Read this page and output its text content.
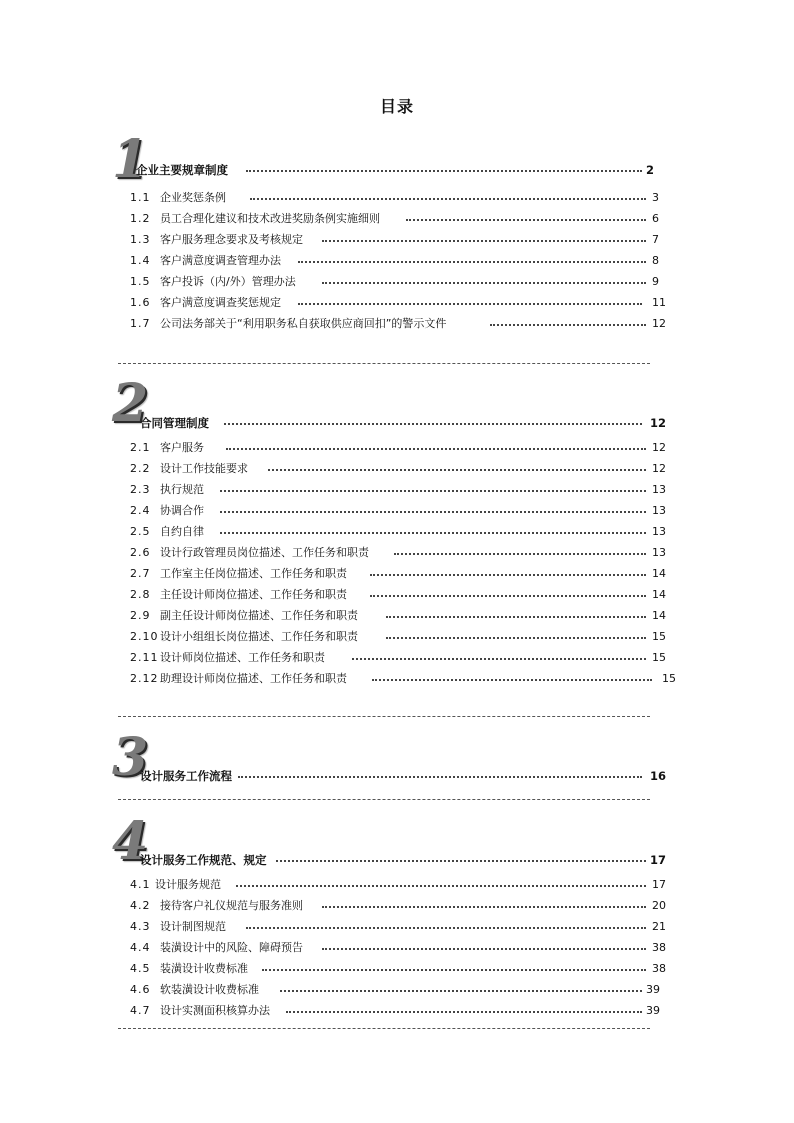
目录
1
企业主要规章制度	2
1.1 企业奖惩条例	3
1.2 员工合理化建议和技术改进奖励条例实施细则	6
1.3 客户服务理念要求及考核规定	7
1.4 客户满意度调查管理办法	8
1.5 客户投诉（内/外）管理办法	9
1.6 客户满意度调查奖惩规定	11
1.7 公司法务部关于“利用职务私自获取供应商回扣”的警示文件	12
2
合同管理制度	12
2.1 客户服务	12
2.2 设计工作技能要求	12
2.3 执行规范	13
2.4 协调合作	13
2.5 自约自律	13
2.6 设计行政管理员岗位描述、工作任务和职责	13
2.7 工作室主任岗位描述、工作任务和职责	14
2.8 主任设计师岗位描述、工作任务和职责	14
2.9 副主任设计师岗位描述、工作任务和职责	14
2.10 设计小组组长岗位描述、工作任务和职责	15
2.11 设计师岗位描述、工作任务和职责	15
2.12 助理设计师岗位描述、工作任务和职责	15
3
设计服务工作流程	16
4
设计服务工作规范、规定	17
4.1 设计服务规范	17
4.2 接待客户礼仪规范与服务准则	20
4.3 设计制图规范	21
4.4 装潢设计中的风险、障碍预告	38
4.5 装潢设计收费标准	38
4.6 软装潢设计收费标准	39
4.7 设计实测面积核算办法	39
